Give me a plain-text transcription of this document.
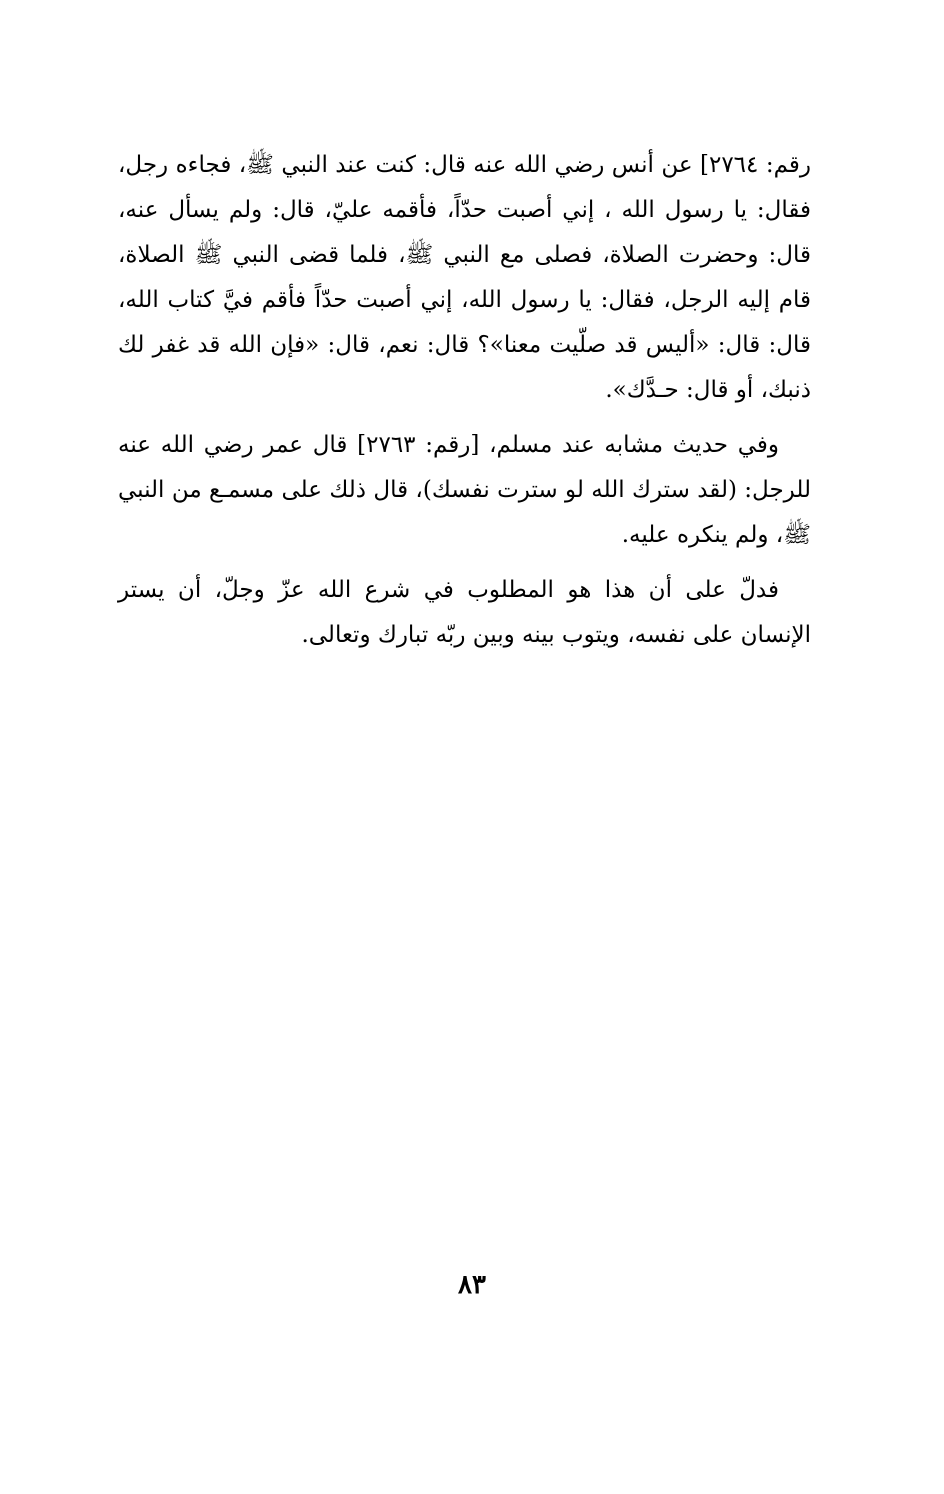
رقم: ٢٧٦٤] عن أنس رضي الله عنه قال: كنت عند النبي ﷺ، فجاءه رجل، فقال: يا رسول الله ، إني أصبت حدّاً، فأقمه عليّ، قال: ولم يسأل عنه، قال: وحضرت الصلاة، فصلى مع النبي ﷺ، فلما قضى النبي ﷺ الصلاة، قام إليه الرجل، فقال: يا رسول الله، إني أصبت حدّاً فأقم فيَّ كتاب الله، قال: قال: «أليس قد صلّيت معنا»؟ قال: نعم، قال: «فإن الله قد غفر لك ذنبك، أو قال: حـدَّك».

وفي حديث مشابه عند مسلم، [رقم: ٢٧٦٣] قال عمر رضي الله عنه للرجل: (لقد سترك الله لو سترت نفسك)، قال ذلك على مسمـع من النبي ﷺ، ولم ينكره عليه.

فدلّ على أن هذا هو المطلوب في شرع الله عزّ وجلّ، أن يستر الإنسان على نفسه، ويتوب بينه وبين ربّه تبارك وتعالى.

٨٣
